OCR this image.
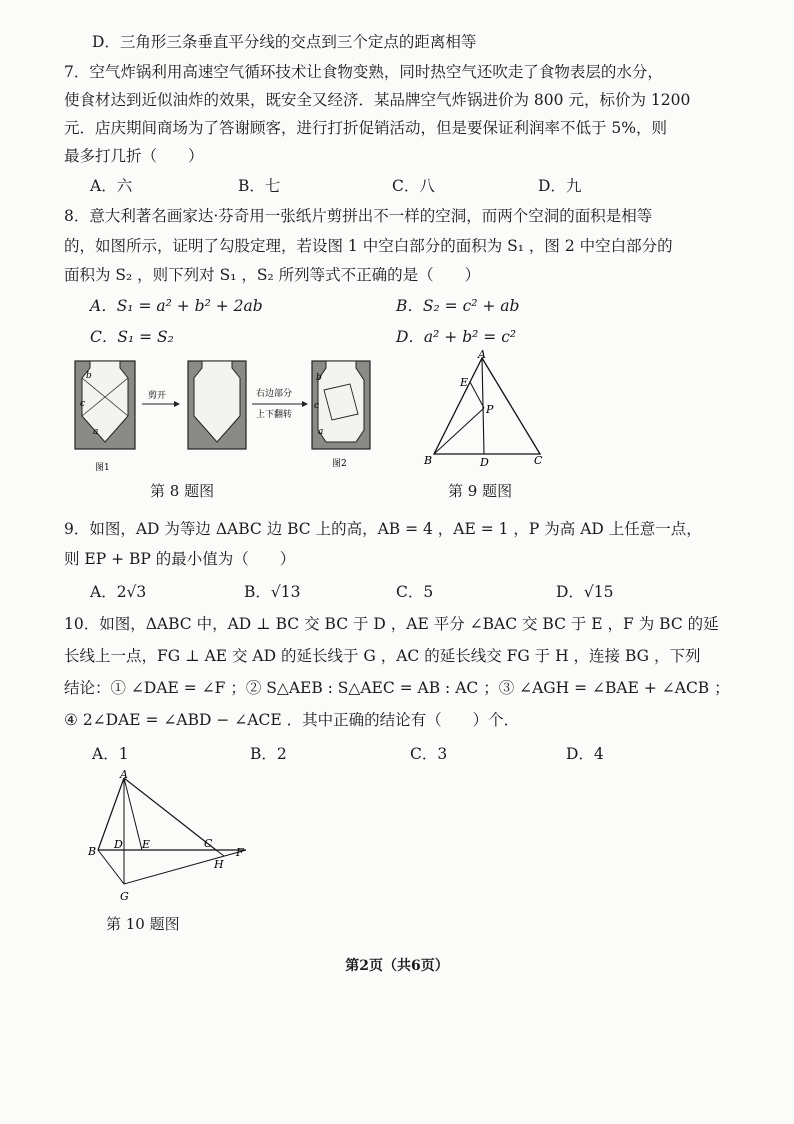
D．三角形三条垂直平分线的交点到三个定点的距离相等
7．空气炸锅利用高速空气循环技术让食物变熟，同时热空气还吹走了食物表层的水分，
使食材达到近似油炸的效果，既安全又经济．某品牌空气炸锅进价为 800 元，标价为 1200
元．店庆期间商场为了答谢顾客，进行打折促销活动，但是要保证利润率不低于 5%，则
最多打几折（　　）
A．六	B．七	C．八	D．九
8．意大利著名画家达·芬奇用一张纸片剪拼出不一样的空洞，而两个空洞的面积是相等
的，如图所示，证明了勾股定理，若设图 1 中空白部分的面积为 S₁ ，图 2 中空白部分的
面积为 S₂ ，则下列对 S₁ ，S₂ 所列等式不正确的是（　　）
A．S₁ = a² + b² + 2ab	B．S₂ = c² + ab
C．S₁ = S₂	D．a² + b² = c²
b
c
a
图1
剪开	右边部分
上下翻转
b
c
a
图2
第 8 题图
A
E
P
B	D	C
第 9 题图
9．如图，AD 为等边 ΔABC 边 BC 上的高，AB = 4 ，AE = 1 ，P 为高 AD 上任意一点，
则 EP + BP 的最小值为（　　）
A．2√3	B．√13	C．5	D．√15
10．如图，ΔABC 中，AD ⊥ BC 交 BC 于 D ，AE 平分 ∠BAC 交 BC 于 E ，F 为 BC 的延
长线上一点，FG ⊥ AE 交 AD 的延长线于 G ，AC 的延长线交 FG 于 H ，连接 BG ，下列
结论：① ∠DAE = ∠F ；② S△AEB : S△AEC = AB : AC ；③ ∠AGH = ∠BAE + ∠ACB ；
④ 2∠DAE = ∠ABD − ∠ACE ．其中正确的结论有（　　）个．
A．1	B．2	C．3	D．4
A
B
D E	C
F
H
G
第 10 题图
第2页（共6页）
